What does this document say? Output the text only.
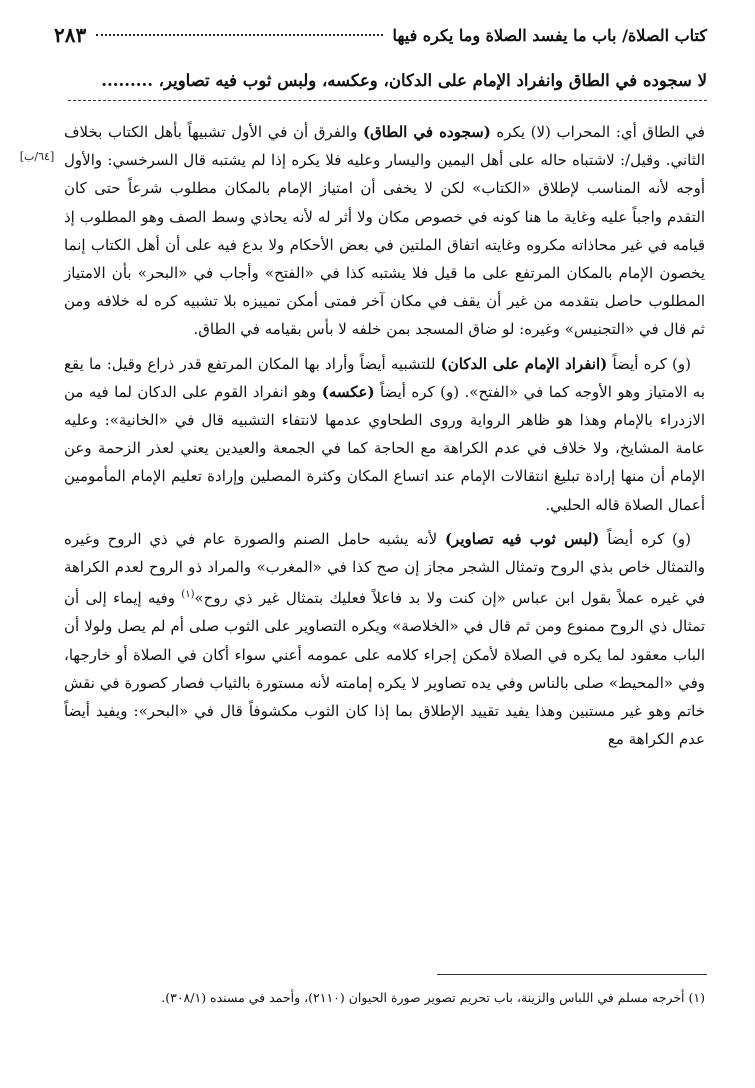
كتاب الصلاة/ باب ما يفسد الصلاة وما يكره فيها
٢٨٣
لا سجوده في الطاق وانفراد الإمام على الدكان، وعكسه، ولبس ثوب فيه تصاوير، .........
[٦٤/ب]

في الطاق أي: المحراب (لا) يكره (سجوده في الطاق) والفرق أن في الأول تشبيهاً بأهل الكتاب بخلاف الثاني. وقيل/: لاشتباه حاله على أهل اليمين واليسار وعليه فلا يكره إذا لم يشتبه قال السرخسي: والأول أوجه لأنه المناسب لإطلاق «الكتاب» لكن لا يخفى أن امتياز الإمام بالمكان مطلوب شرعاً حتى كان التقدم واجباً عليه وغاية ما هنا كونه في خصوص مكان ولا أثر له لأنه يحاذي وسط الصف وهو المطلوب إذ قيامه في غير محاذاته مكروه وغايته اتفاق الملتين في بعض الأحكام ولا بدع فيه على أن أهل الكتاب إنما يخصون الإمام بالمكان المرتفع على ما قيل فلا يشتبه كذا في «الفتح» وأجاب في «البحر» بأن الامتياز المطلوب حاصل بتقدمه من غير أن يقف في مكان آخر فمتى أمكن تمييزه بلا تشبيه كره له خلافه ومن ثم قال في «التجنيس» وغيره: لو ضاق المسجد بمن خلفه لا بأس بقيامه في الطاق.

(و) كره أيضاً (انفراد الإمام على الدكان) للتشبيه أيضاً وأراد بها المكان المرتفع قدر ذراع وقيل: ما يقع به الامتياز وهو الأوجه كما في «الفتح». (و) كره أيضاً (عكسه) وهو انفراد القوم على الدكان لما فيه من الازدراء بالإمام وهذا هو ظاهر الرواية وروى الطحاوي عدمها لانتفاء التشبيه قال في «الخانية»: وعليه عامة المشايخ، ولا خلاف في عدم الكراهة مع الحاجة كما في الجمعة والعيدين يعني لعذر الزحمة وعن الإمام أن منها إرادة تبليغ انتقالات الإمام عند اتساع المكان وكثرة المصلين وإرادة تعليم الإمام المأمومين أعمال الصلاة قاله الحلبي.

(و) كره أيضاً (لبس ثوب فيه تصاوير) لأنه يشبه حامل الصنم والصورة عام في ذي الروح وغيره والتمثال خاص بذي الروح وتمثال الشجر مجاز إن صح كذا في «المغرب» والمراد ذو الروح لعدم الكراهة في غيره عملاً بقول ابن عباس «إن كنت ولا بد فاعلاً فعليك بتمثال غير ذي روح»$^{(١)}$ وفيه إيماء إلى أن تمثال ذي الروح ممنوع ومن ثم قال في «الخلاصة» ويكره التصاوير على الثوب صلى أم لم يصل ولولا أن الباب معقود لما يكره في الصلاة لأمكن إجراء كلامه على عمومه أعني سواء أكان في الصلاة أو خارجها، وفي «المحيط» صلى بالناس وفي يده تصاوير لا يكره إمامته لأنه مستورة بالثياب فصار كصورة في نقش خاتم وهو غير مستبين وهذا يفيد تقييد الإطلاق بما إذا كان الثوب مكشوفاً قال في «البحر»: ويفيد أيضاً عدم الكراهة مع

(١) أخرجه مسلم في اللباس والزينة، باب تحريم تصوير صورة الحيوان (٢١١٠)، وأحمد في مسنده (٣٠٨/١).
